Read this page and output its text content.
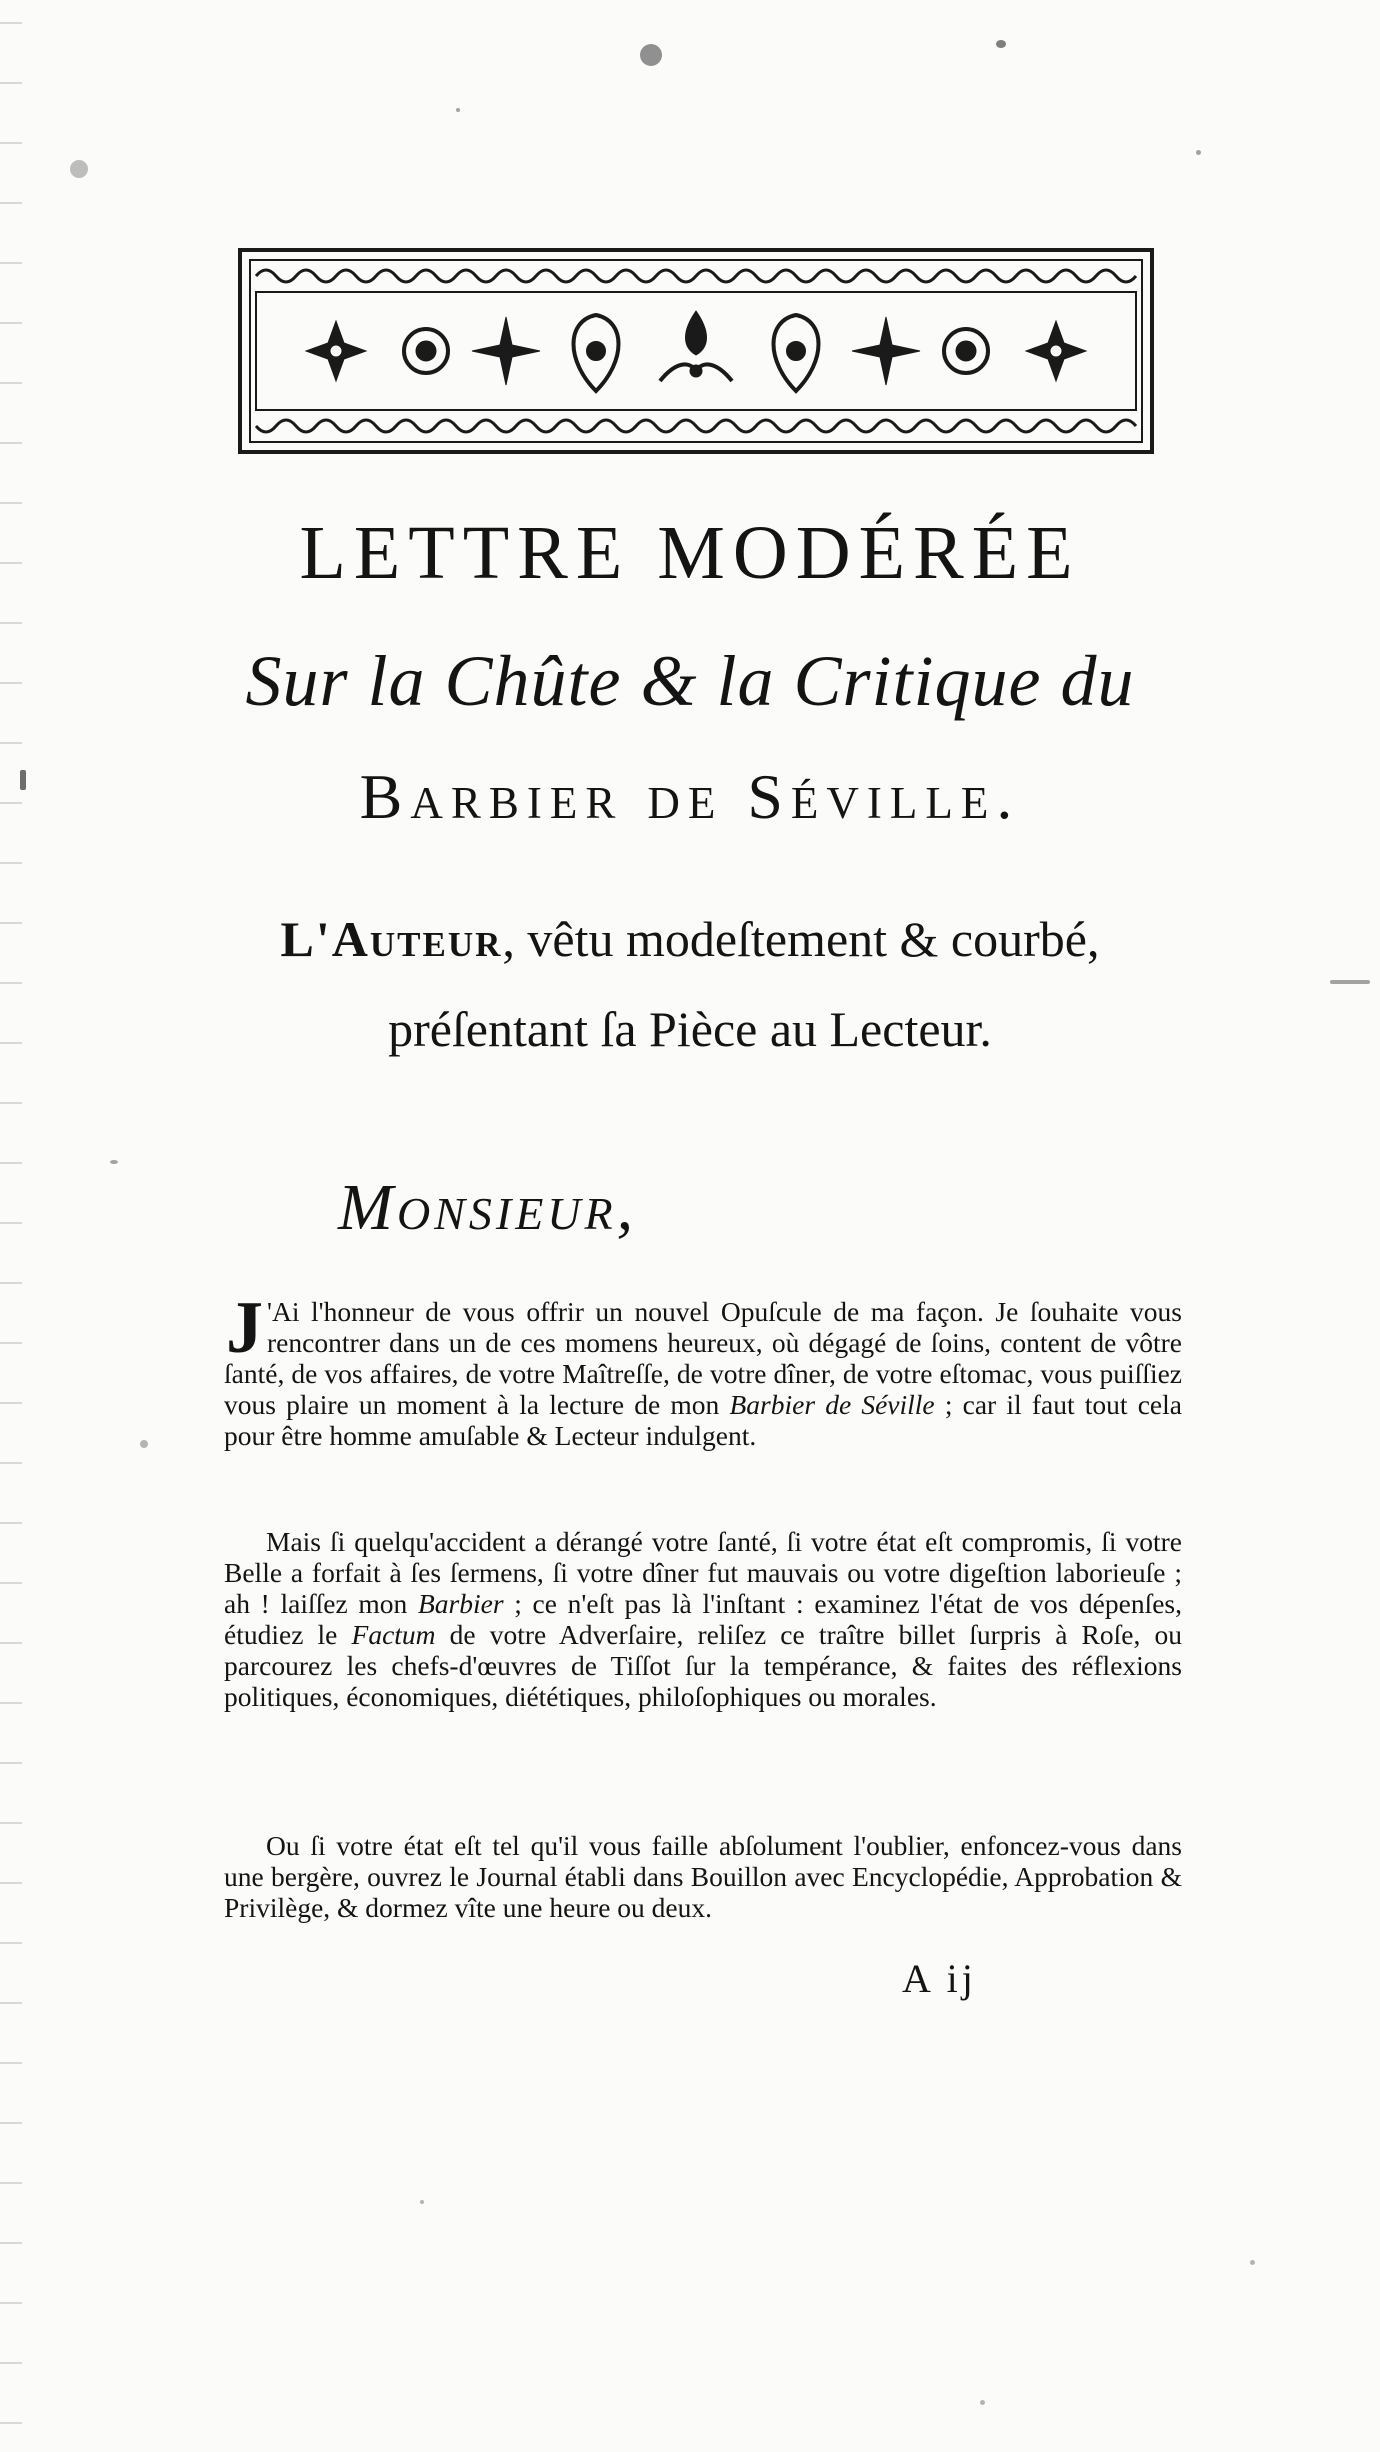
LETTRE MODÉRÉE
Sur la Chûte & la Critique du
Barbier de Séville.
L'Auteur, vêtu modeſtement & courbé,
préſentant ſa Pièce au Lecteur.
Monsieur,
J 'Ai l'honneur de vous offrir un nouvel Opuſcule de ma façon. Je ſouhaite vous rencontrer dans un de ces momens heureux, où dégagé de ſoins, content de vôtre ſanté, de vos affaires, de votre Maîtreſſe, de votre dîner, de votre eſtomac, vous puiſſiez vous plaire un moment à la lecture de mon Barbier de Séville ; car il faut tout cela pour être homme amuſable & Lecteur indulgent.
Mais ſi quelqu'accident a dérangé votre ſanté, ſi votre état eſt compromis, ſi votre Belle a forfait à ſes ſermens, ſi votre dîner fut mauvais ou votre digeſtion laborieuſe ; ah ! laiſſez mon Barbier ; ce n'eſt pas là l'inſtant : examinez l'état de vos dépenſes, étudiez le Factum de votre Adverſaire, reliſez ce traître billet ſurpris à Roſe, ou parcourez les chefs-d'œuvres de Tiſſot ſur la tempérance, & faites des réflexions politiques, économiques, diététiques, philoſophiques ou morales.
Ou ſi votre état eſt tel qu'il vous faille abſolument l'oublier, enfoncez-vous dans une bergère, ouvrez le Journal établi dans Bouillon avec Encyclopédie, Approbation & Privilège, & dormez vîte une heure ou deux.
A ij
